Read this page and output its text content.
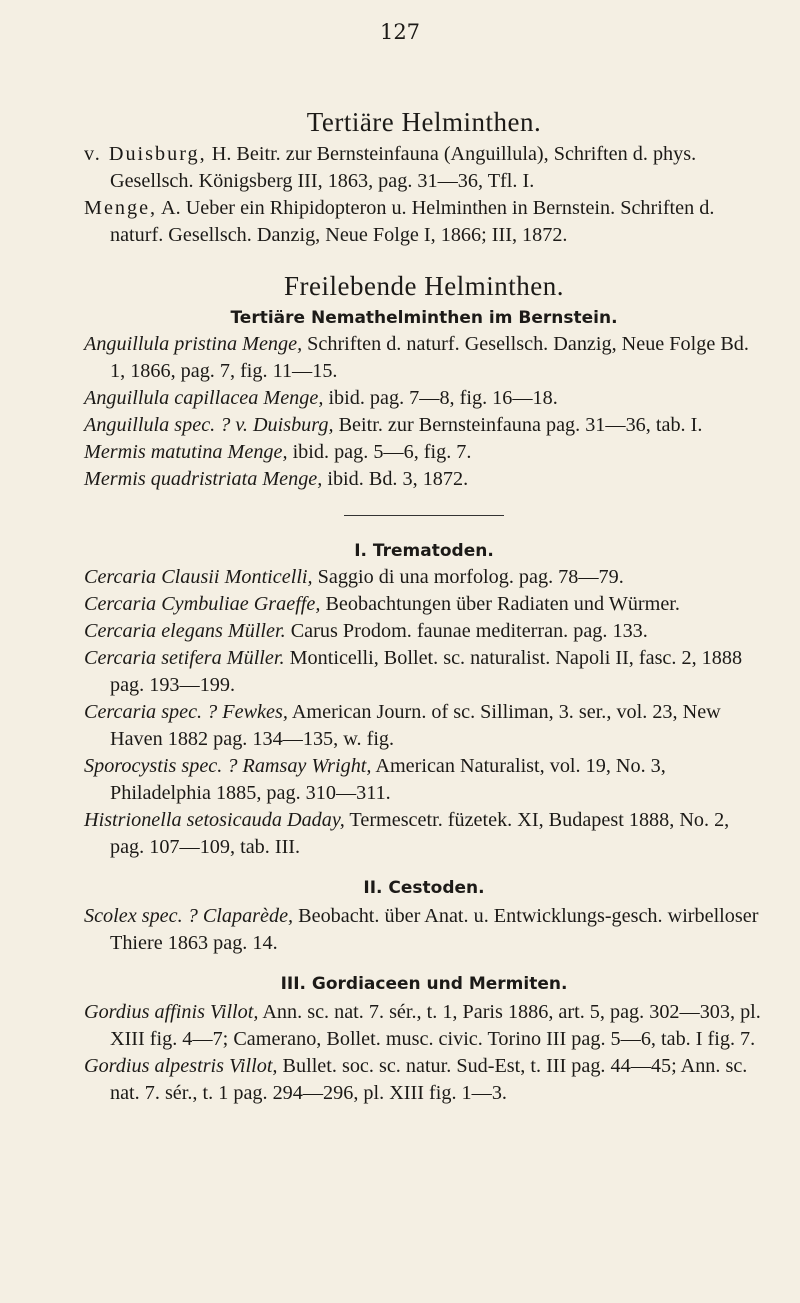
127
Tertiäre Helminthen.

v. Duisburg, H. Beitr. zur Bernsteinfauna (Anguillula), Schriften d. phys. Gesellsch. Königsberg III, 1863, pag. 31—36, Tfl. I.

Menge, A. Ueber ein Rhipidopteron u. Helminthen in Bernstein. Schriften d. naturf. Gesellsch. Danzig, Neue Folge I, 1866; III, 1872.

Freilebende Helminthen.
Tertiäre Nemathelminthen im Bernstein.

Anguillula pristina Menge, Schriften d. naturf. Gesellsch. Danzig, Neue Folge Bd. 1, 1866, pag. 7, fig. 11—15.

Anguillula capillacea Menge, ibid. pag. 7—8, fig. 16—18.

Anguillula spec. ? v. Duisburg, Beitr. zur Bernsteinfauna pag. 31—36, tab. I.

Mermis matutina Menge, ibid. pag. 5—6, fig. 7.

Mermis quadristriata Menge, ibid. Bd. 3, 1872.

I. Trematoden.

Cercaria Clausii Monticelli, Saggio di una morfolog. pag. 78—79.

Cercaria Cymbuliae Graeffe, Beobachtungen über Radiaten und Würmer.

Cercaria elegans Müller. Carus Prodom. faunae mediterran. pag. 133.

Cercaria setifera Müller. Monticelli, Bollet. sc. naturalist. Napoli II, fasc. 2, 1888 pag. 193—199.

Cercaria spec. ? Fewkes, American Journ. of sc. Silliman, 3. ser., vol. 23, New Haven 1882 pag. 134—135, w. fig.

Sporocystis spec. ? Ramsay Wright, American Naturalist, vol. 19, No. 3, Philadelphia 1885, pag. 310—311.

Histrionella setosicauda Daday, Termescetr. füzetek. XI, Budapest 1888, No. 2, pag. 107—109, tab. III.

II. Cestoden.

Scolex spec. ? Claparède, Beobacht. über Anat. u. Entwicklungs-gesch. wirbelloser Thiere 1863 pag. 14.

III. Gordiaceen und Mermiten.

Gordius affinis Villot, Ann. sc. nat. 7. sér., t. 1, Paris 1886, art. 5, pag. 302—303, pl. XIII fig. 4—7; Camerano, Bollet. musc. civic. Torino III pag. 5—6, tab. I fig. 7.

Gordius alpestris Villot, Bullet. soc. sc. natur. Sud-Est, t. III pag. 44—45; Ann. sc. nat. 7. sér., t. 1 pag. 294—296, pl. XIII fig. 1—3.
